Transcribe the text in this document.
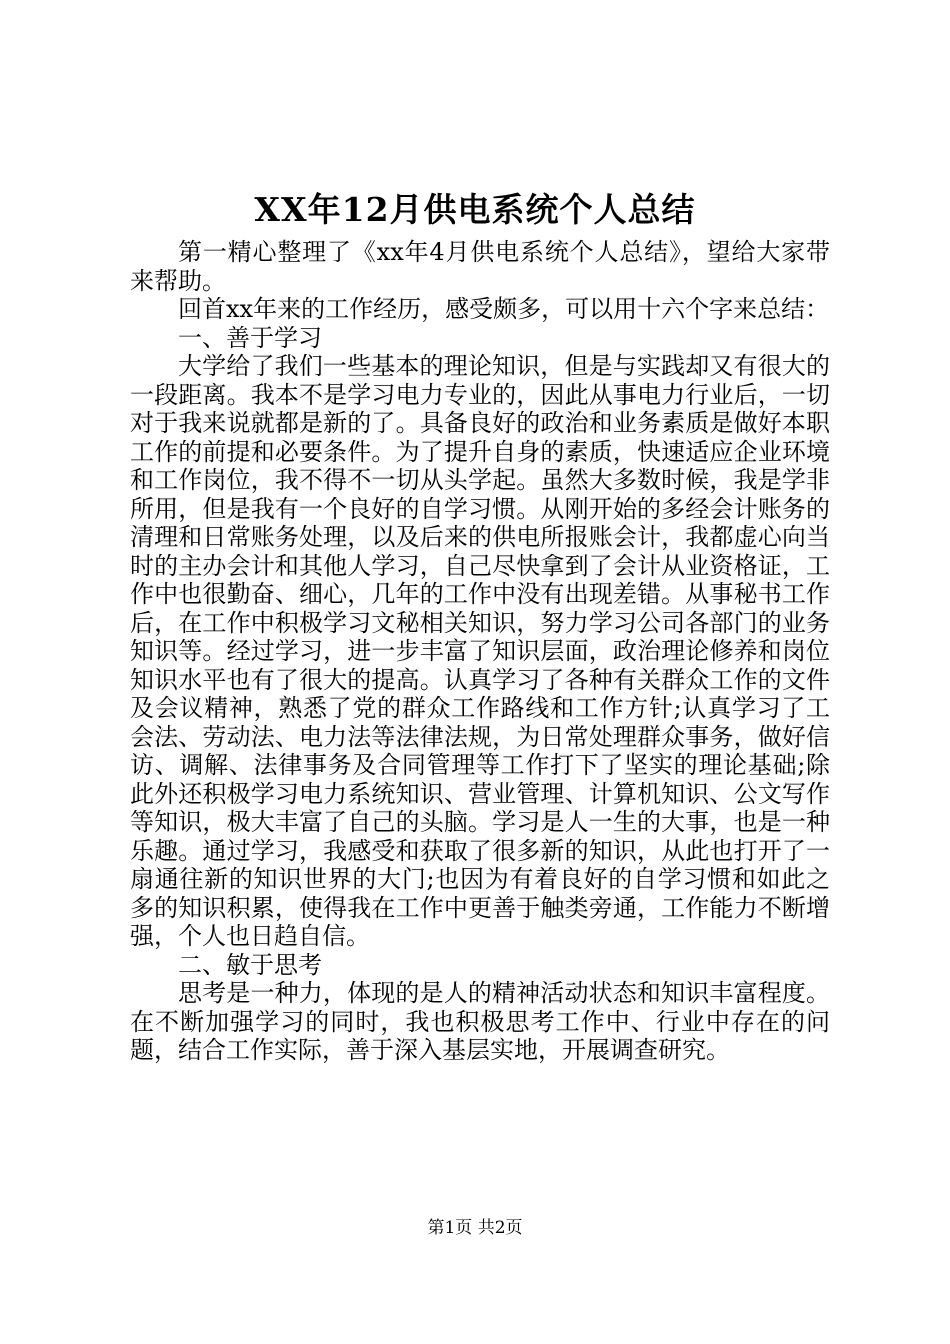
XX年12月供电系统个人总结

第一精心整理了《xx年4月供电系统个人总结》，望给大家带来帮助。

回首xx年来的工作经历，感受颇多，可以用十六个字来总结：

一、善于学习

大学给了我们一些基本的理论知识，但是与实践却又有很大的一段距离。我本不是学习电力专业的，因此从事电力行业后，一切对于我来说就都是新的了。具备良好的政治和业务素质是做好本职工作的前提和必要条件。为了提升自身的素质，快速适应企业环境和工作岗位，我不得不一切从头学起。虽然大多数时候，我是学非所用，但是我有一个良好的自学习惯。从刚开始的多经会计账务的清理和日常账务处理，以及后来的供电所报账会计，我都虚心向当时的主办会计和其他人学习，自己尽快拿到了会计从业资格证，工作中也很勤奋、细心，几年的工作中没有出现差错。从事秘书工作后，在工作中积极学习文秘相关知识，努力学习公司各部门的业务知识等。经过学习，进一步丰富了知识层面，政治理论修养和岗位知识水平也有了很大的提高。认真学习了各种有关群众工作的文件及会议精神，熟悉了党的群众工作路线和工作方针;认真学习了工会法、劳动法、电力法等法律法规，为日常处理群众事务，做好信访、调解、法律事务及合同管理等工作打下了坚实的理论基础;除此外还积极学习电力系统知识、营业管理、计算机知识、公文写作等知识，极大丰富了自己的头脑。学习是人一生的大事，也是一种乐趣。通过学习，我感受和获取了很多新的知识，从此也打开了一扇通往新的知识世界的大门;也因为有着良好的自学习惯和如此之多的知识积累，使得我在工作中更善于触类旁通，工作能力不断增强，个人也日趋自信。

二、敏于思考

思考是一种力，体现的是人的精神活动状态和知识丰富程度。在不断加强学习的同时，我也积极思考工作中、行业中存在的问题，结合工作实际，善于深入基层实地，开展调查研究。

第1页 共2页
